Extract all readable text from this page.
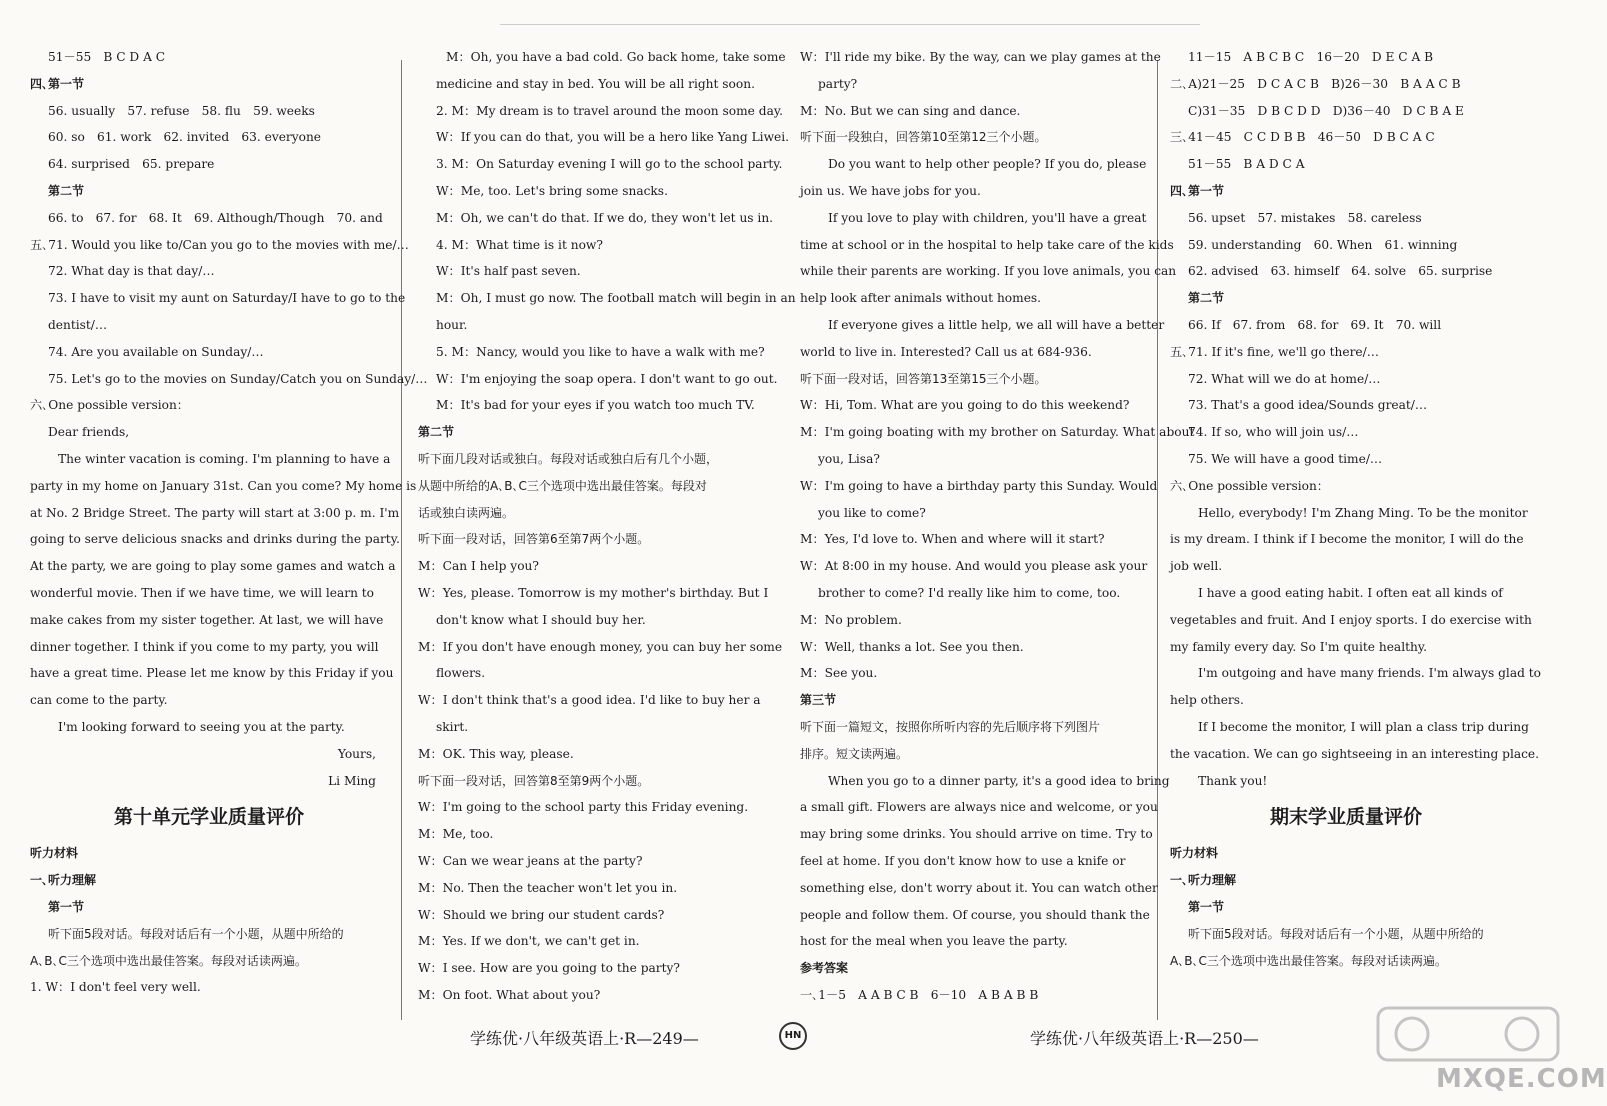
51－55　B C D A C
四､第一节
56. usually　57. refuse　58. flu　59. weeks
60. so　61. work　62. invited　63. everyone
64. surprised　65. prepare
第二节
66. to　67. for　68. It　69. Although/Though　70. and
五､71. Would you like to/Can you go to the movies with me/…
72. What day is that day/…
73. I have to visit my aunt on Saturday/I have to go to the
dentist/…
74. Are you available on Sunday/…
75. Let's go to the movies on Sunday/Catch you on Sunday/…
六､One possible version：
Dear friends,
The winter vacation is coming. I'm planning to have a
party in my home on January 31st. Can you come? My home is
at No. 2 Bridge Street. The party will start at 3:00 p. m. I'm
going to serve delicious snacks and drinks during the party.
At the party, we are going to play some games and watch a
wonderful movie. Then if we have time, we will learn to
make cakes from my sister together. At last, we will have
dinner together. I think if you come to my party, you will
have a great time. Please let me know by this Friday if you
can come to the party.
I'm looking forward to seeing you at the party.
Yours,
Li Ming
第十单元学业质量评价
听力材料
一､听力理解
第一节
听下面5段对话。每段对话后有一个小题，从题中所给的
A､B､C三个选项中选出最佳答案。每段对话读两遍。
1. W：I don't feel very well.
M：Oh, you have a bad cold. Go back home, take some
medicine and stay in bed. You will be all right soon.
2. M：My dream is to travel around the moon some day.
W：If you can do that, you will be a hero like Yang Liwei.
3. M：On Saturday evening I will go to the school party.
W：Me, too. Let's bring some snacks.
M：Oh, we can't do that. If we do, they won't let us in.
4. M：What time is it now?
W：It's half past seven.
M：Oh, I must go now. The football match will begin in an
hour.
5. M：Nancy, would you like to have a walk with me?
W：I'm enjoying the soap opera. I don't want to go out.
M：It's bad for your eyes if you watch too much TV.
第二节
听下面几段对话或独白。每段对话或独白后有几个小题，
从题中所给的A､B､C三个选项中选出最佳答案。每段对
话或独白读两遍。
听下面一段对话，回答第6至第7两个小题。
M：Can I help you?
W：Yes, please. Tomorrow is my mother's birthday. But I
don't know what I should buy her.
M：If you don't have enough money, you can buy her some
flowers.
W：I don't think that's a good idea. I'd like to buy her a
skirt.
M：OK. This way, please.
听下面一段对话，回答第8至第9两个小题。
W：I'm going to the school party this Friday evening.
M：Me, too.
W：Can we wear jeans at the party?
M：No. Then the teacher won't let you in.
W：Should we bring our student cards?
M：Yes. If we don't, we can't get in.
W：I see. How are you going to the party?
M：On foot. What about you?
W：I'll ride my bike. By the way, can we play games at the
party?
M：No. But we can sing and dance.
听下面一段独白，回答第10至第12三个小题。
Do you want to help other people? If you do, please
join us. We have jobs for you.
If you love to play with children, you'll have a great
time at school or in the hospital to help take care of the kids
while their parents are working. If you love animals, you can
help look after animals without homes.
If everyone gives a little help, we all will have a better
world to live in. Interested? Call us at 684-936.
听下面一段对话，回答第13至第15三个小题。
W：Hi, Tom. What are you going to do this weekend?
M：I'm going boating with my brother on Saturday. What about
you, Lisa?
W：I'm going to have a birthday party this Sunday. Would
you like to come?
M：Yes, I'd love to. When and where will it start?
W：At 8:00 in my house. And would you please ask your
brother to come? I'd really like him to come, too.
M：No problem.
W：Well, thanks a lot. See you then.
M：See you.
第三节
听下面一篇短文，按照你所听内容的先后顺序将下列图片
排序。短文读两遍。
When you go to a dinner party, it's a good idea to bring
a small gift. Flowers are always nice and welcome, or you
may bring some drinks. You should arrive on time. Try to
feel at home. If you don't know how to use a knife or
something else, don't worry about it. You can watch other
people and follow them. Of course, you should thank the
host for the meal when you leave the party.
参考答案
一､1－5　A A B C B　6－10　A B A B B
11－15　A B C B C　16－20　D E C A B
二､A)21－25　D C A C B　B)26－30　B A A C B
C)31－35　D B C D D　D)36－40　D C B A E
三､41－45　C C D B B　46－50　D B C A C
51－55　B A D C A
四､第一节
56. upset　57. mistakes　58. careless
59. understanding　60. When　61. winning
62. advised　63. himself　64. solve　65. surprise
第二节
66. If　67. from　68. for　69. It　70. will
五､71. If it's fine, we'll go there/…
72. What will we do at home/…
73. That's a good idea/Sounds great/…
74. If so, who will join us/…
75. We will have a good time/…
六､One possible version：
Hello, everybody! I'm Zhang Ming. To be the monitor
is my dream. I think if I become the monitor, I will do the
job well.
I have a good eating habit. I often eat all kinds of
vegetables and fruit. And I enjoy sports. I do exercise with
my family every day. So I'm quite healthy.
I'm outgoing and have many friends. I'm always glad to
help others.
If I become the monitor, I will plan a class trip during
the vacation. We can go sightseeing in an interesting place.
Thank you!
期末学业质量评价
听力材料
一､听力理解
第一节
听下面5段对话。每段对话后有一个小题，从题中所给的
A､B､C三个选项中选出最佳答案。每段对话读两遍。
学练优·八年级英语上·R—249—	HN	学练优·八年级英语上·R—250—
MXQE.COM
